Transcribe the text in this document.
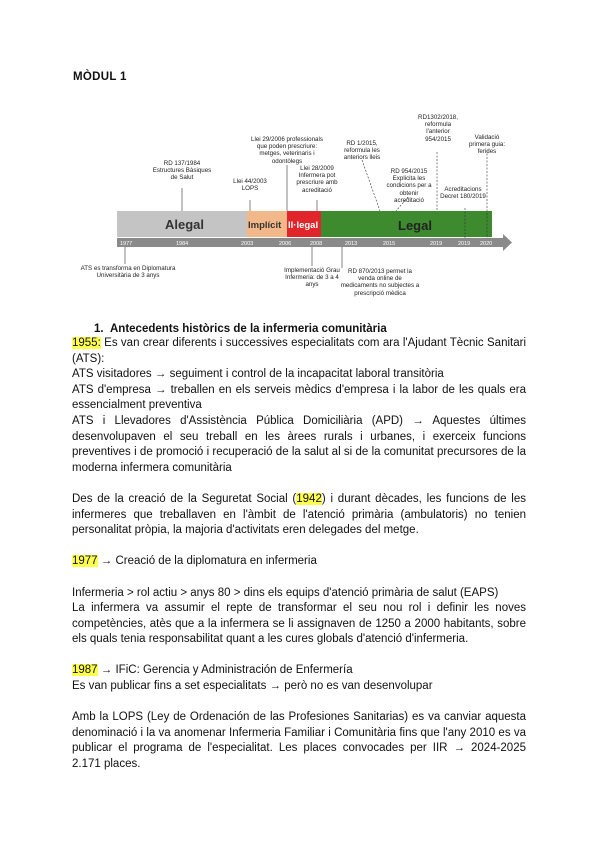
MÒDUL 1
1977	1984	2003	2006	2008	2013	2015	2019	2019 2020
Alegal	Implícit Il·legal	Legal
RD 137/1984 Estructures Bàsiques de Salut
Llei 44/2003 LOPS
Llei 29/2006 professionals que poden prescriure: metges, veterinaris i odontòlegs
Llei 28/2009 Infermera pot prescriure amb acreditació
RD 1/2015, reformula les anteriors lleis
RD 954/2015 Explicita les condicions per a obtenir acreditació
RD1302/2018, reformula l'anterior 954/2015
Acreditacions Decret 180/2019
Validació primera guia: ferides
ATS es transforma en Diplomatura Universitària de 3 anys
Implementació Grau Infermeria: de 3 a 4 anys
RD 870/2013 permet la venda online de medicaments no subjectes a prescripció mèdica
1. Antecedents històrics de la infermeria comunitària

1955: Es van crear diferents i successives especialitats com ara l'Ajudant Tècnic Sanitari (ATS):

ATS visitadores → seguiment i control de la incapacitat laboral transitòria

ATS d'empresa → treballen en els serveis mèdics d'empresa i la labor de les quals era essencialment preventiva

ATS i Llevadores d'Assistència Pública Domiciliària (APD) → Aquestes últimes desenvolupaven el seu treball en les àrees rurals i urbanes, i exerceix funcions preventives i de promoció i recuperació de la salut al si de la comunitat precursores de la moderna infermera comunitària

Des de la creació de la Seguretat Social (1942) i durant dècades, les funcions de les infermeres que treballaven en l'àmbit de l'atenció primària (ambulatoris) no tenien personalitat pròpia, la majoria d'activitats eren delegades del metge.

1977 → Creació de la diplomatura en infermeria

Infermeria > rol actiu > anys 80 > dins els equips d'atenció primària de salut (EAPS)

La infermera va assumir el repte de transformar el seu nou rol i definir les noves competències, atès que a la infermera se li assignaven de 1250 a 2000 habitants, sobre els quals tenia responsabilitat quant a les cures globals d'atenció d'infermeria.

1987 → IFiC: Gerencia y Administración de Enfermería

Es van publicar fins a set especialitats → però no es van desenvolupar

Amb la LOPS (Ley de Ordenación de las Profesiones Sanitarias) es va canviar aquesta denominació i la va anomenar Infermeria Familiar i Comunitària fins que l'any 2010 es va publicar el programa de l'especialitat. Les places convocades per IIR → 2024-2025 2.171 places.
